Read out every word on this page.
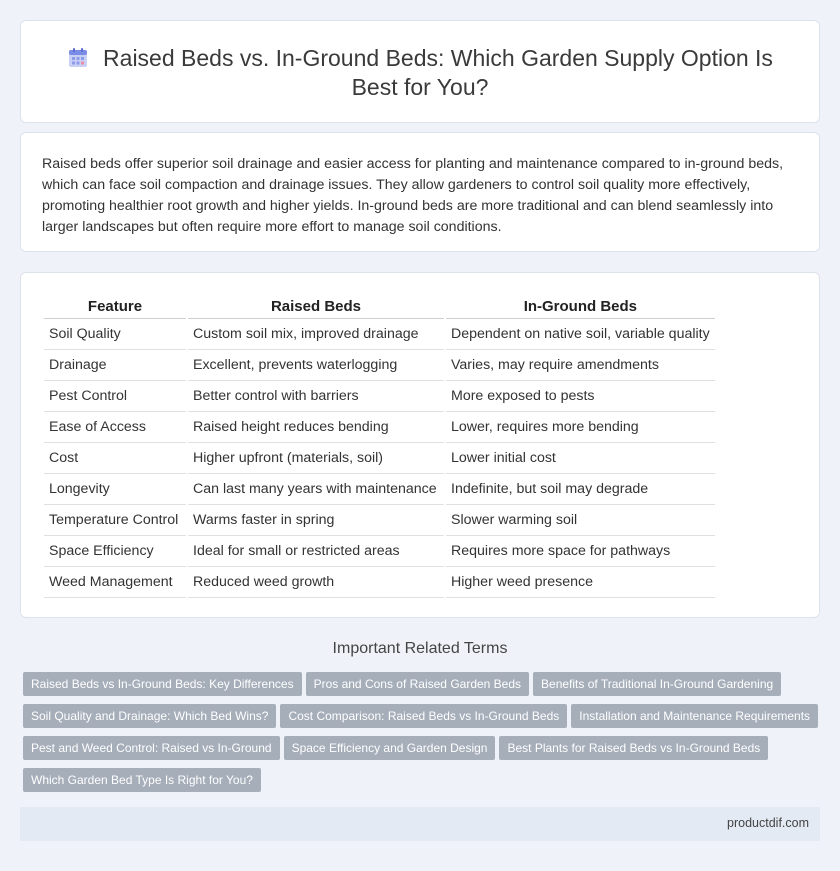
Raised Beds vs. In-Ground Beds: Which Garden Supply Option Is Best for You?

Raised beds offer superior soil drainage and easier access for planting and maintenance compared to in-ground beds, which can face soil compaction and drainage issues. They allow gardeners to control soil quality more effectively, promoting healthier root growth and higher yields. In-ground beds are more traditional and can blend seamlessly into larger landscapes but often require more effort to manage soil conditions.

Feature	Raised Beds	In-Ground Beds
Soil Quality	Custom soil mix, improved drainage	Dependent on native soil, variable quality
Drainage	Excellent, prevents waterlogging	Varies, may require amendments
Pest Control	Better control with barriers	More exposed to pests
Ease of Access	Raised height reduces bending	Lower, requires more bending
Cost	Higher upfront (materials, soil)	Lower initial cost
Longevity	Can last many years with maintenance	Indefinite, but soil may degrade
Temperature Control	Warms faster in spring	Slower warming soil
Space Efficiency	Ideal for small or restricted areas	Requires more space for pathways
Weed Management	Reduced weed growth	Higher weed presence
Important Related Terms
Raised Beds vs In-Ground Beds: Key Differences Pros and Cons of Raised Garden Beds Benefits of Traditional In-Ground Gardening
Soil Quality and Drainage: Which Bed Wins? Cost Comparison: Raised Beds vs In-Ground Beds Installation and Maintenance Requirements
Pest and Weed Control: Raised vs In-Ground Space Efficiency and Garden Design Best Plants for Raised Beds vs In-Ground Beds
Which Garden Bed Type Is Right for You?
productdif.com
